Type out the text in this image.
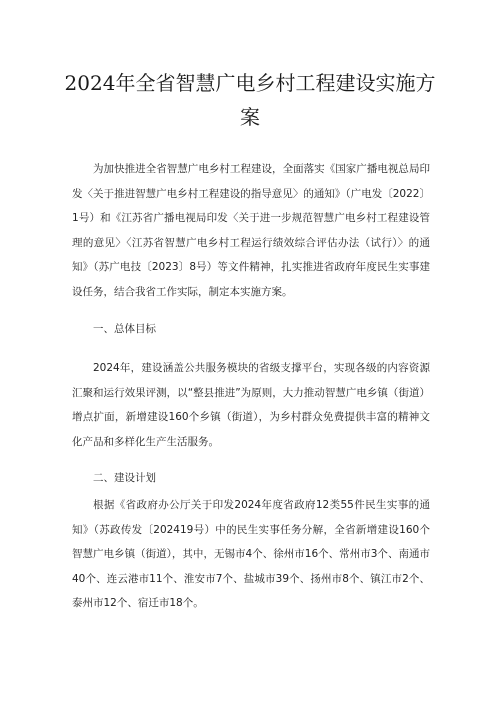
2024年全省智慧广电乡村工程建设实施方案

为加快推进全省智慧广电乡村工程建设，全面落实《国家广播电视总局印发〈关于推进智慧广电乡村工程建设的指导意见〉的通知》（广电发〔2022〕1号）和《江苏省广播电视局印发〈关于进一步规范智慧广电乡村工程建设管理的意见〉〈江苏省智慧广电乡村工程运行绩效综合评估办法（试行）〉的通知》（苏广电技〔2023〕8号）等文件精神，扎实推进省政府年度民生实事建设任务，结合我省工作实际，制定本实施方案。

一、总体目标

2024年，建设涵盖公共服务模块的省级支撑平台，实现各级的内容资源汇聚和运行效果评测，以“整县推进”为原则，大力推动智慧广电乡镇（街道）增点扩面，新增建设160个乡镇（街道），为乡村群众免费提供丰富的精神文化产品和多样化生产生活服务。

二、建设计划

根据《省政府办公厅关于印发2024年度省政府12类55件民生实事的通知》（苏政传发〔202419号）中的民生实事任务分解，全省新增建设160个智慧广电乡镇（街道），其中，无锡市4个、徐州市16个、常州市3个、南通市40个、连云港市11个、淮安市7个、盐城市39个、扬州市8个、镇江市2个、泰州市12个、宿迁市18个。
